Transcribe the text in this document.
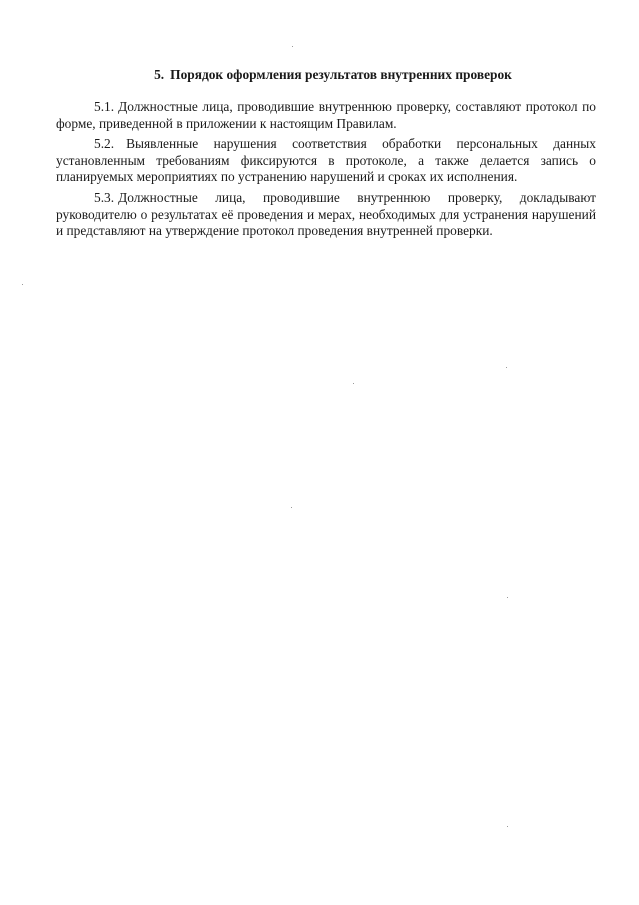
5. Порядок оформления результатов внутренних проверок

5.1. Должностные лица, проводившие внутреннюю проверку, составляют протокол по форме, приведенной в приложении к настоящим Правилам.

5.2. Выявленные нарушения соответствия обработки персональных данных установленным требованиям фиксируются в протоколе, а также делается запись о планируемых мероприятиях по устранению нарушений и сроках их исполнения.

5.3. Должностные лица, проводившие внутреннюю проверку, докладывают руководителю о результатах её проведения и мерах, необходимых для устранения нарушений и представляют на утверждение протокол проведения внутренней проверки.
